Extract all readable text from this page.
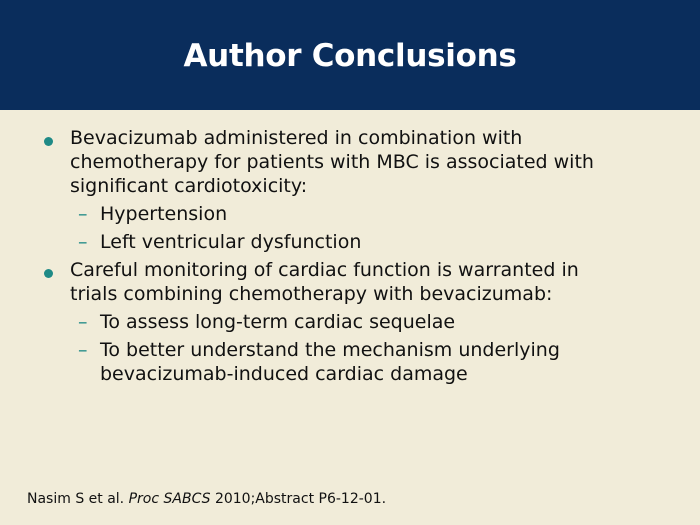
Author Conclusions
Bevacizumab administered in combination with chemotherapy for patients with MBC is associated with significant cardiotoxicity:
– Hypertension
– Left ventricular dysfunction
Careful monitoring of cardiac function is warranted in trials combining chemotherapy with bevacizumab:
– To assess long-term cardiac sequelae
– To better understand the mechanism underlying bevacizumab-induced cardiac damage
Nasim S et al. Proc SABCS 2010;Abstract P6-12-01.
